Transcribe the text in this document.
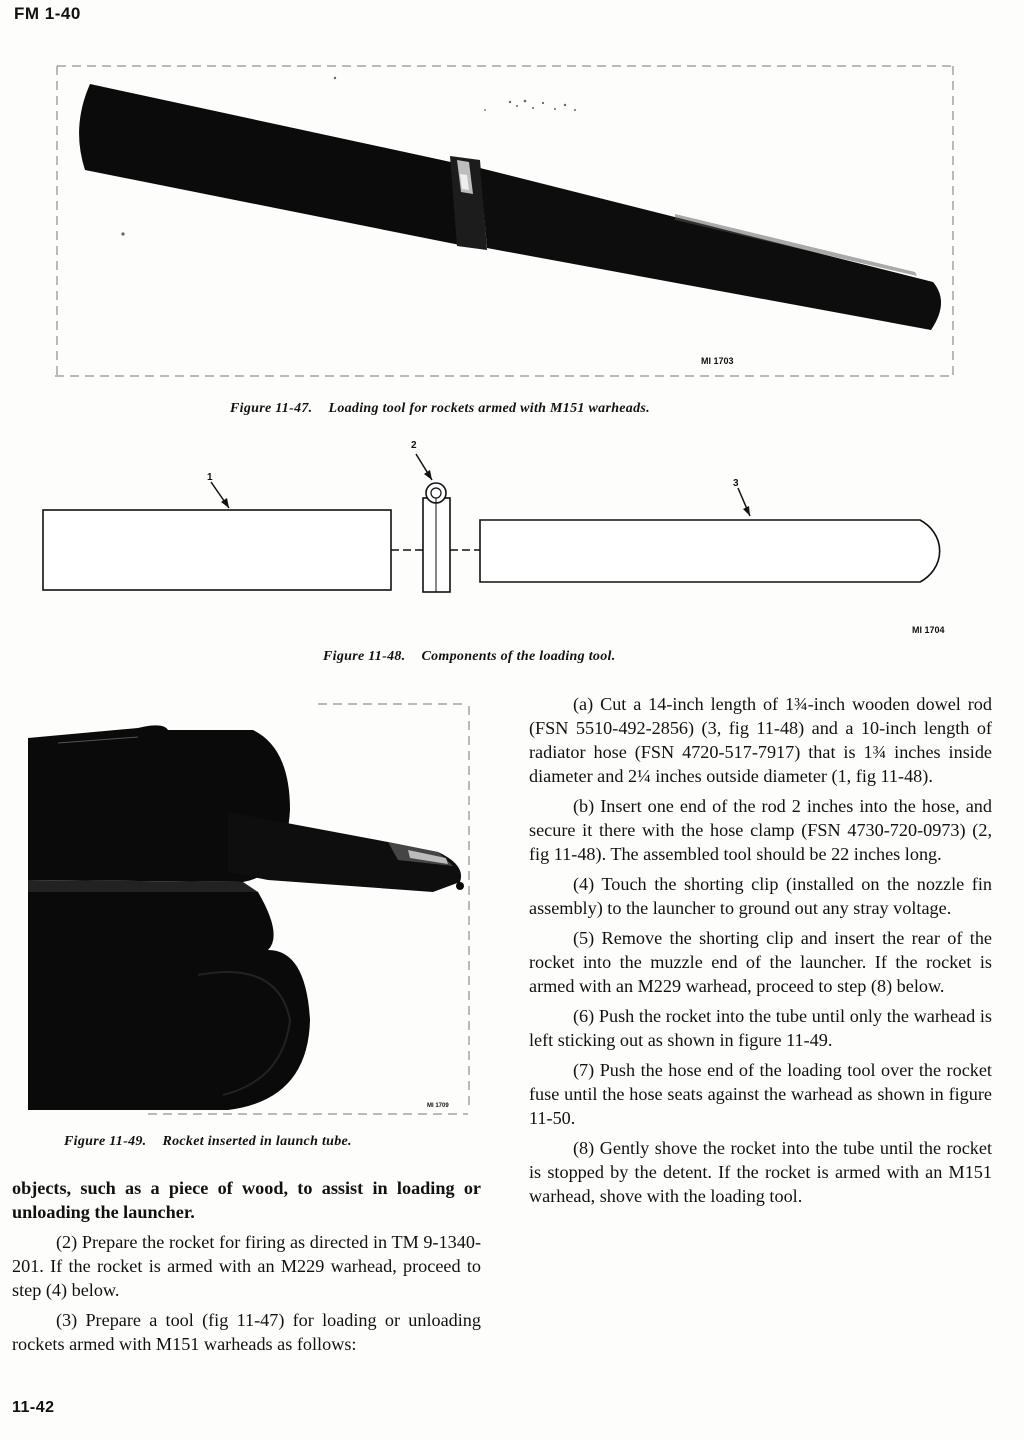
FM 1-40
MI 1703
Figure 11-47. Loading tool for rockets armed with M151 warheads.
1
2
3
MI 1704
Figure 11-48. Components of the loading tool.
MI 1709
Figure 11-49. Rocket inserted in launch tube.

objects, such as a piece of wood, to assist in loading or unloading the launcher.

(2) Prepare the rocket for firing as directed in TM 9-1340-201. If the rocket is armed with an M229 warhead, proceed to step (4) below.

(3) Prepare a tool (fig 11-47) for loading or unloading rockets armed with M151 warheads as follows:

(a) Cut a 14-inch length of 1¾-inch wooden dowel rod (FSN 5510-492-2856) (3, fig 11-48) and a 10-inch length of radiator hose (FSN 4720-517-7917) that is 1¾ inches inside diameter and 2¼ inches outside diameter (1, fig 11-48).

(b) Insert one end of the rod 2 inches into the hose, and secure it there with the hose clamp (FSN 4730-720-0973) (2, fig 11-48). The assembled tool should be 22 inches long.

(4) Touch the shorting clip (installed on the nozzle fin assembly) to the launcher to ground out any stray voltage.

(5) Remove the shorting clip and insert the rear of the rocket into the muzzle end of the launcher. If the rocket is armed with an M229 warhead, proceed to step (8) below.

(6) Push the rocket into the tube until only the warhead is left sticking out as shown in figure 11-49.

(7) Push the hose end of the loading tool over the rocket fuse until the hose seats against the warhead as shown in figure 11-50.

(8) Gently shove the rocket into the tube until the rocket is stopped by the detent. If the rocket is armed with an M151 warhead, shove with the loading tool.

11-42
